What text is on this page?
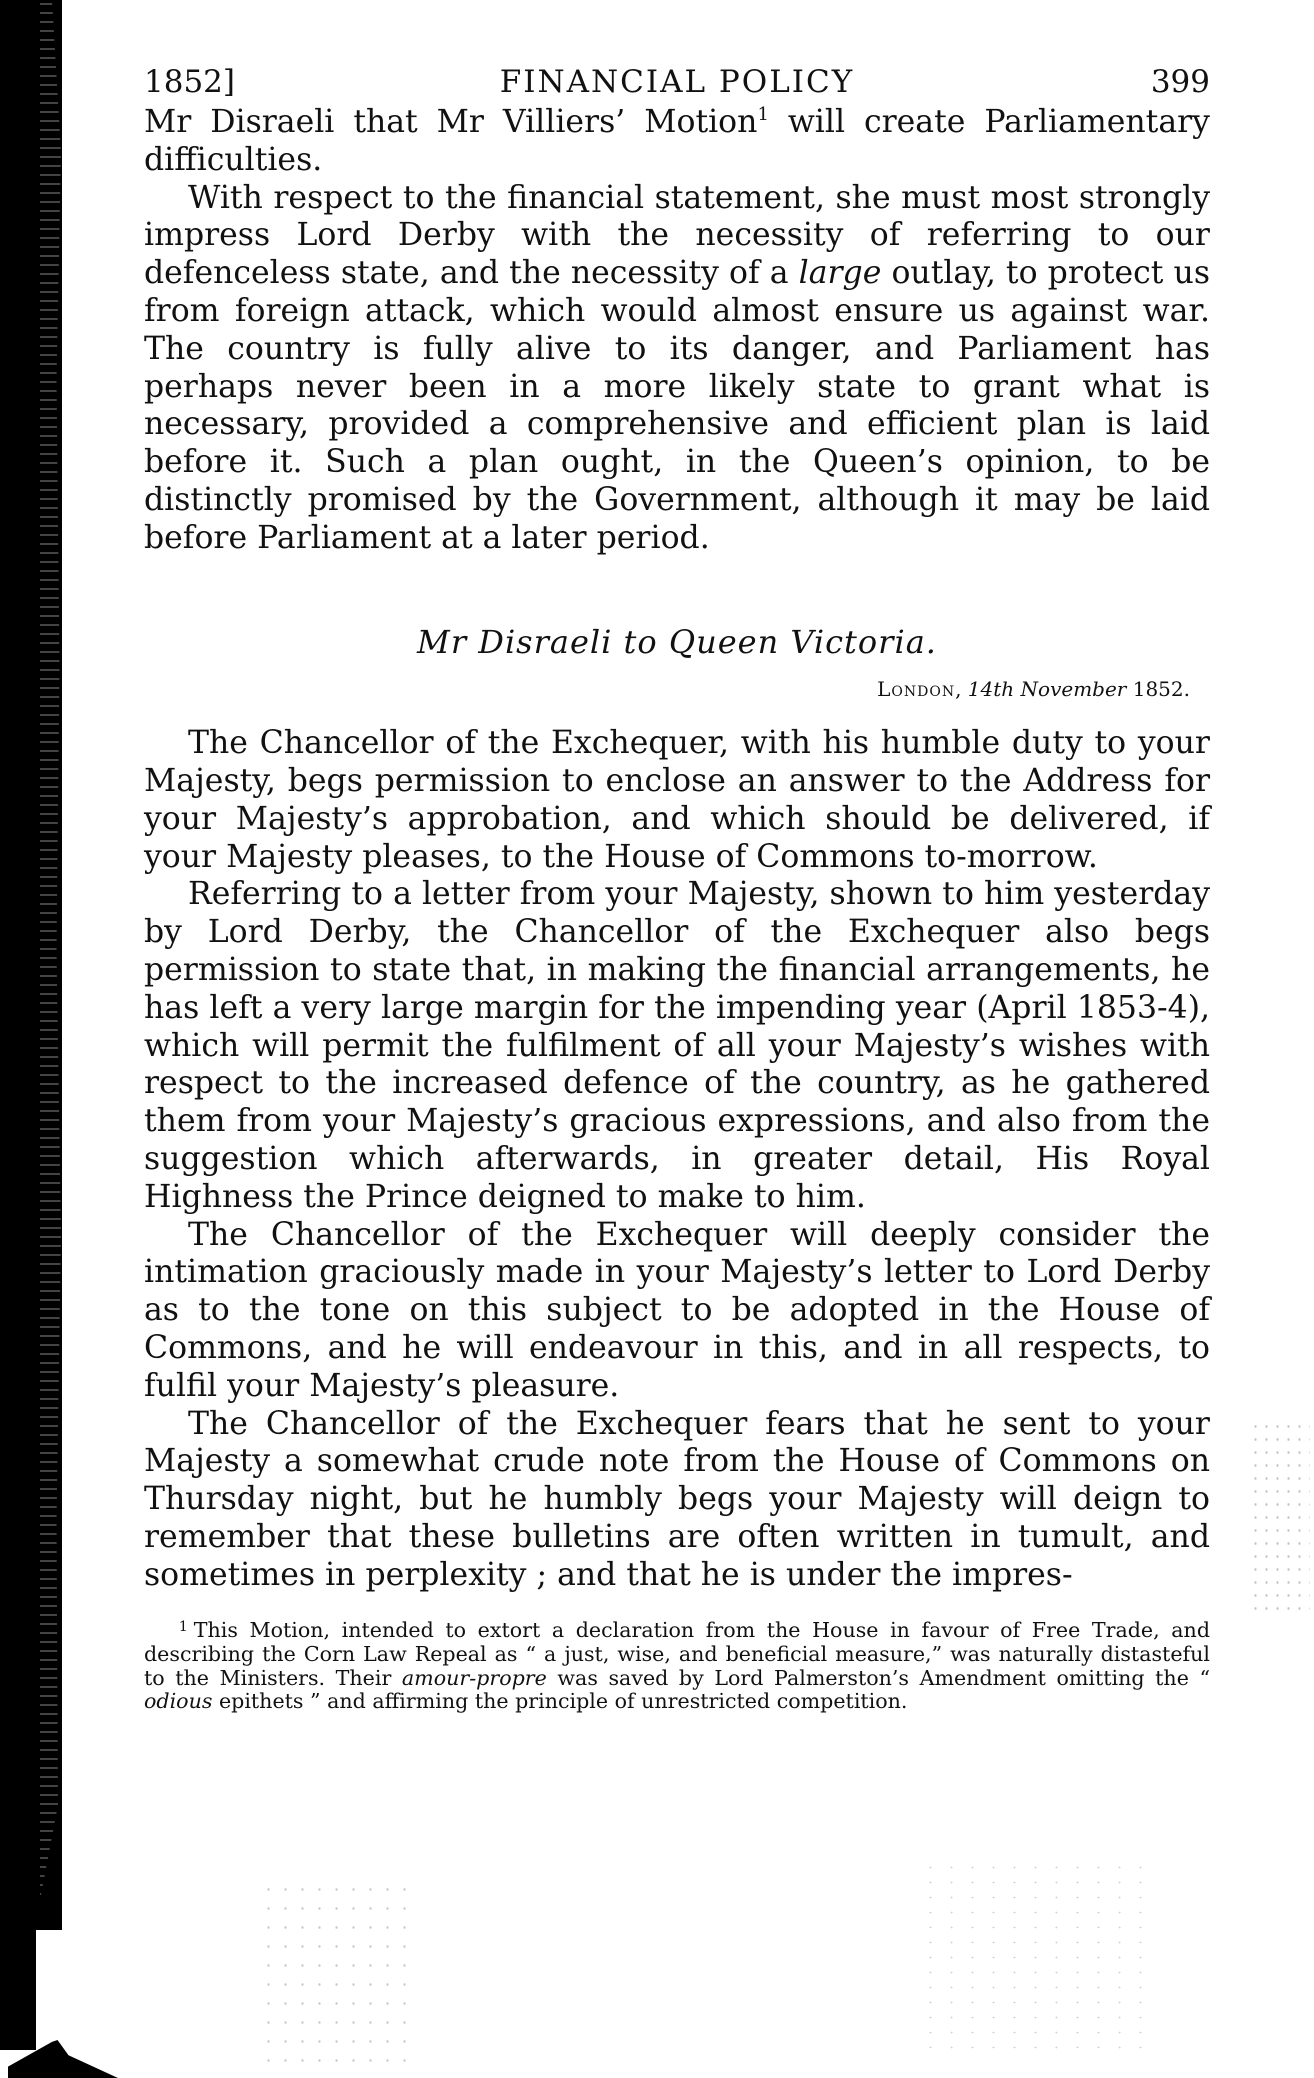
1852]	FINANCIAL POLICY	399

Mr Disraeli that Mr Villiers’ Motion$^1$ will create Parliamentary difficulties.

With respect to the financial statement, she must most strongly impress Lord Derby with the necessity of referring to our defenceless state, and the necessity of a large outlay, to protect us from foreign attack, which would almost ensure us against war. The country is fully alive to its danger, and Parliament has perhaps never been in a more likely state to grant what is necessary, provided a comprehensive and efficient plan is laid before it. Such a plan ought, in the Queen’s opinion, to be distinctly promised by the Government, although it may be laid before Parliament at a later period.

Mr Disraeli to Queen Victoria.
London, 14th November 1852.

The Chancellor of the Exchequer, with his humble duty to your Majesty, begs permission to enclose an answer to the Address for your Majesty’s approbation, and which should be delivered, if your Majesty pleases, to the House of Commons to-morrow.

Referring to a letter from your Majesty, shown to him yesterday by Lord Derby, the Chancellor of the Exchequer also begs permission to state that, in making the financial arrangements, he has left a very large margin for the impending year (April 1853-4), which will permit the fulfilment of all your Majesty’s wishes with respect to the increased defence of the country, as he gathered them from your Majesty’s gracious expressions, and also from the suggestion which afterwards, in greater detail, His Royal Highness the Prince deigned to make to him.

The Chancellor of the Exchequer will deeply consider the intimation graciously made in your Majesty’s letter to Lord Derby as to the tone on this subject to be adopted in the House of Commons, and he will endeavour in this, and in all respects, to fulfil your Majesty’s pleasure.

The Chancellor of the Exchequer fears that he sent to your Majesty a somewhat crude note from the House of Commons on Thursday night, but he humbly begs your Majesty will deign to remember that these bulletins are often written in tumult, and sometimes in perplexity ; and that he is under the impres-

$^1$ This Motion, intended to extort a declaration from the House in favour of Free Trade, and describing the Corn Law Repeal as “ a just, wise, and beneficial measure,” was naturally distasteful to the Ministers. Their amour-propre was saved by Lord Palmerston’s Amendment omitting the “ odious epithets ” and affirming the principle of unrestricted competition.
